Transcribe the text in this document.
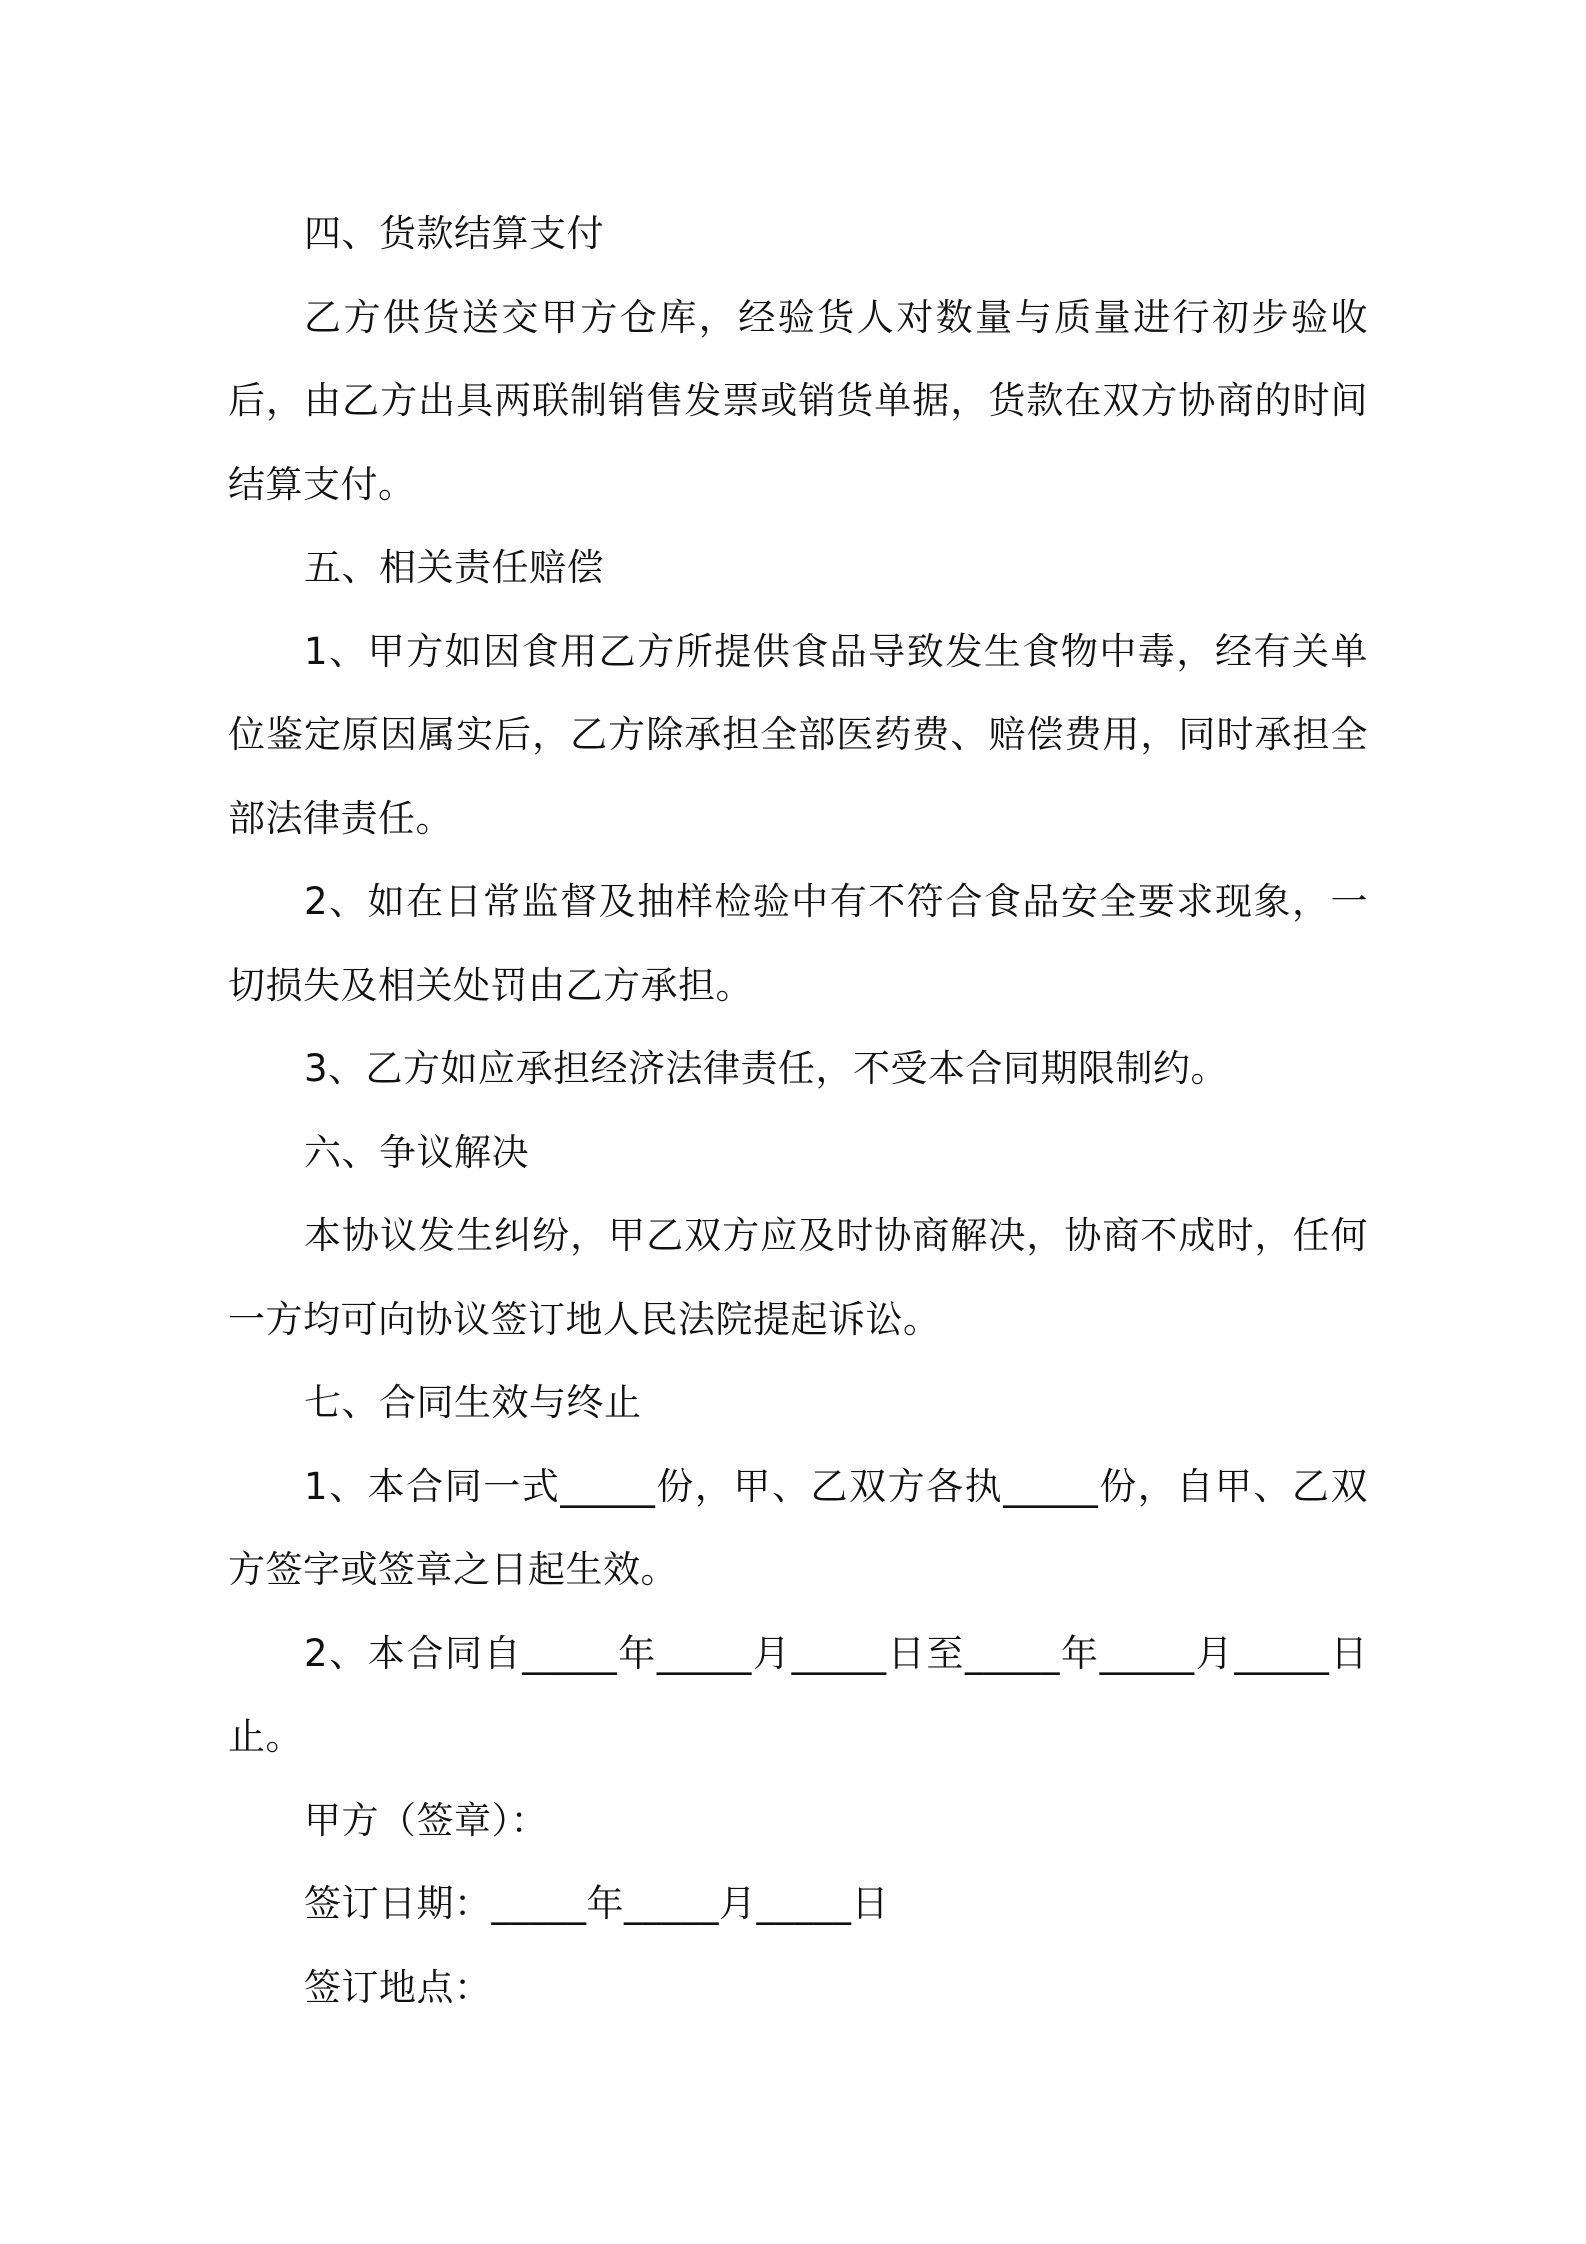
四、货款结算支付

乙方供货送交甲方仓库，经验货人对数量与质量进行初步验收后，由乙方出具两联制销售发票或销货单据，货款在双方协商的时间结算支付。

五、相关责任赔偿

1、甲方如因食用乙方所提供食品导致发生食物中毒，经有关单位鉴定原因属实后，乙方除承担全部医药费、赔偿费用，同时承担全部法律责任。

2、如在日常监督及抽样检验中有不符合食品安全要求现象，一切损失及相关处罚由乙方承担。

3、乙方如应承担经济法律责任，不受本合同期限制约。

六、争议解决

本协议发生纠纷，甲乙双方应及时协商解决，协商不成时，任何一方均可向协议签订地人民法院提起诉讼。

七、合同生效与终止

1、本合同一式_____份，甲、乙双方各执_____份，自甲、乙双方签字或签章之日起生效。

2、本合同自_____年_____月_____日至_____年_____月_____日止。

甲方（签章）：

签订日期：_____年_____月_____日

签订地点：
